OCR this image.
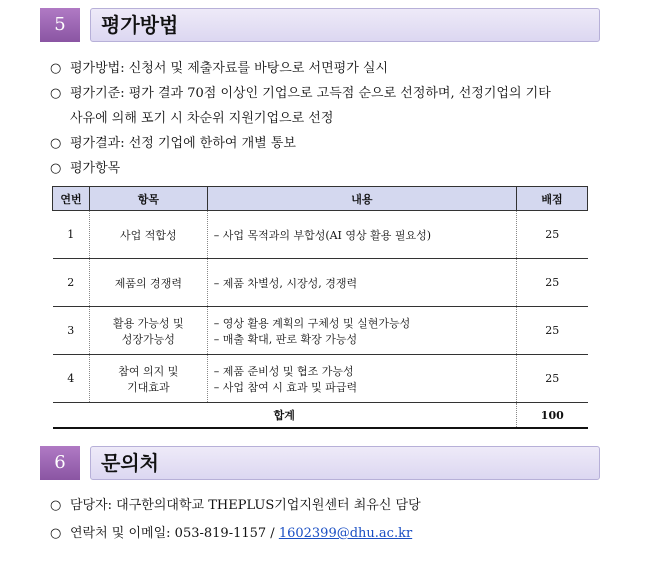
5	평가방법
○ 평가방법: 신청서 및 제출자료를 바탕으로 서면평가 실시
○ 평가기준: 평가 결과 70점 이상인 기업으로 고득점 순으로 선정하며, 선정기업의 기타
사유에 의해 포기 시 차순위 지원기업으로 선정
○ 평가결과: 선정 기업에 한하여 개별 통보
○ 평가항목
연번	항목	내용	배점
1	사업 적합성	– 사업 목적과의 부합성(AI 영상 활용 필요성)	25
2	제품의 경쟁력	– 제품 차별성, 시장성, 경쟁력	25
3	활용 가능성 및
성장가능성	– 영상 활용 계획의 구체성 및 실현가능성
– 매출 확대, 판로 확장 가능성	25
4	참여 의지 및
기대효과	– 제품 준비성 및 협조 가능성
– 사업 참여 시 효과 및 파급력	25
합계			100
6	문의처
○ 담당자: 대구한의대학교 THEPLUS기업지원센터 최유신 담당
○ 연락처 및 이메일: 053-819-1157 / 1602399@dhu.ac.kr
